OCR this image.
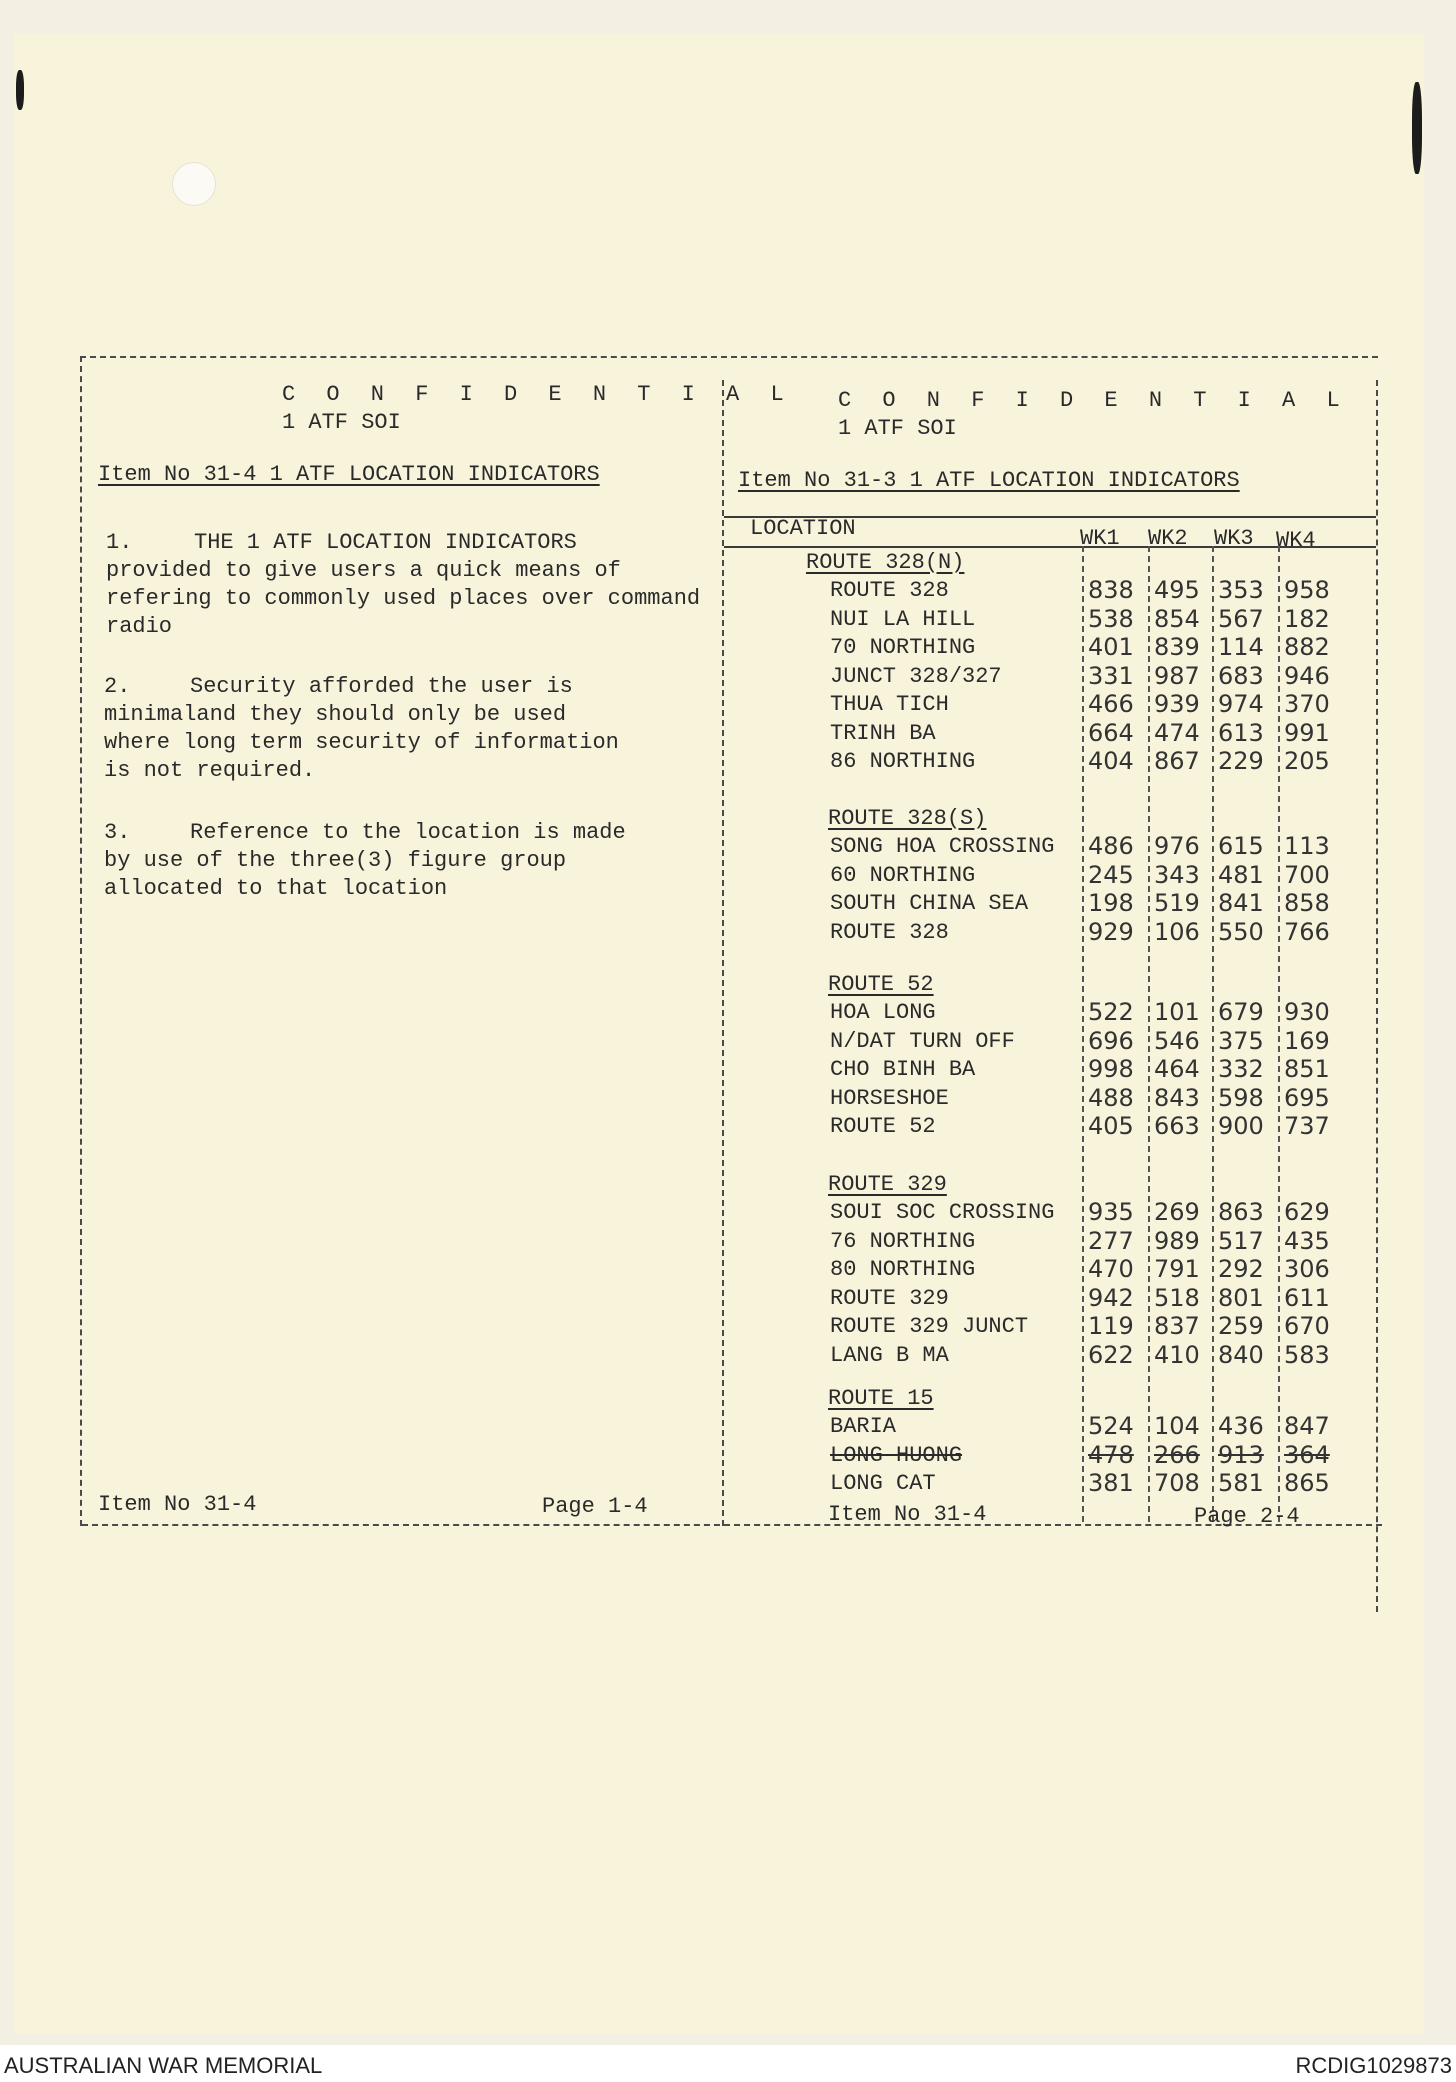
C O N F I D E N T I A L
1 ATF SOI
Item No 31-4 1 ATF LOCATION INDICATORS
1.	THE 1 ATF LOCATION INDICATORS
provided to give users a quick means of
refering to commonly used places over command
radio
2.	Security afforded the user is
minimaland they should only be used
where long term security of information
is not required.
3.	Reference to the location is made
by use of the three(3) figure group
allocated to that location
Item No 31-4	Page 1-4
C O N F I D E N T I A L
1 ATF SOI
Item No 31-3 1 ATF LOCATION INDICATORS
LOCATION	WK1 WK2 WK3 WK4
ROUTE 328(N)
ROUTE 328	838 495 353 958
NUI LA HILL	538 854 567 182
70 NORTHING	401 839 114 882
JUNCT 328/327	331 987 683 946
THUA TICH	466 939 974 370
TRINH BA	664 474 613 991
86 NORTHING	404 867 229 205
ROUTE 328(S)
SONG HOA CROSSING 486 976 615 113
60 NORTHING	245 343 481 700
SOUTH CHINA SEA 198 519 841 858
ROUTE 328	929 106 550 766
ROUTE 52
HOA LONG	522 101 679 930
N/DAT TURN OFF	696 546 375 169
CHO BINH BA	998 464 332 851
HORSESHOE	488 843 598 695
ROUTE 52	405 663 900 737
ROUTE 329
SOUI SOC CROSSING 935 269 863 629
76 NORTHING	277 989 517 435
80 NORTHING	470 791 292 306
ROUTE 329	942 518 801 611
ROUTE 329 JUNCT 119 837 259 670
LANG B MA	622 410 840 583
ROUTE 15
BARIA	524 104 436 847
LONG HUONG	478 266 913 364
LONG CAT	381 708 581 865
Item No 31-4	Page 2-4
AUSTRALIAN WAR MEMORIAL	RCDIG1029873
